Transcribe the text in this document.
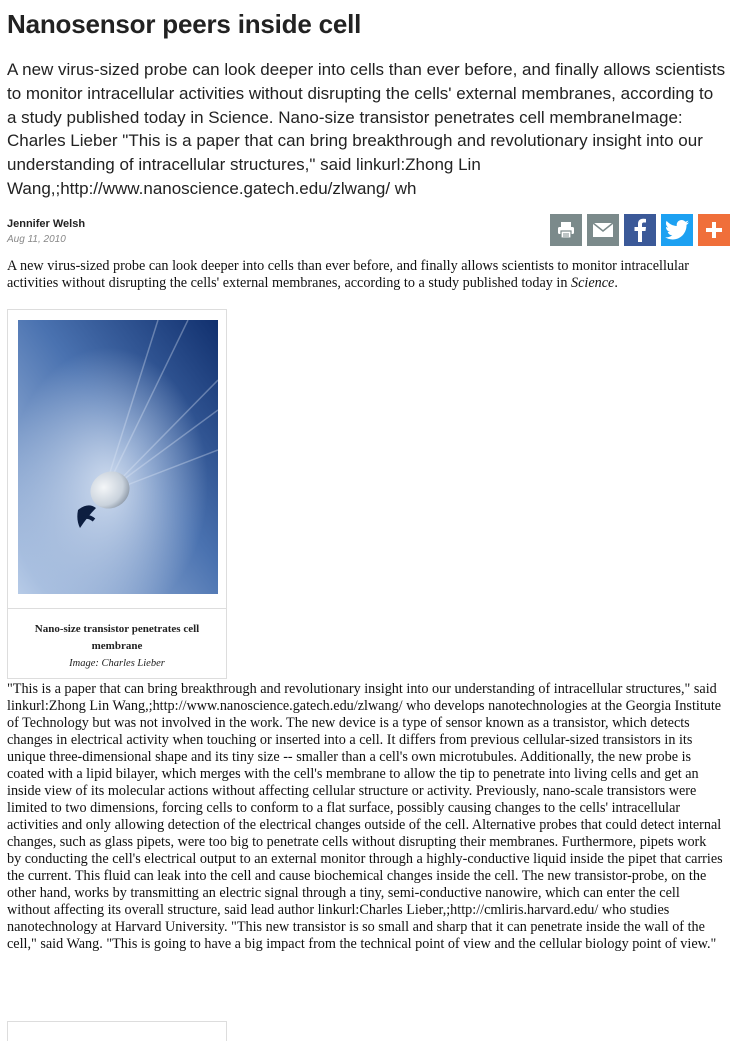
Nanosensor peers inside cell
A new virus-sized probe can look deeper into cells than ever before, and finally allows scientists to monitor intracellular activities without disrupting the cells' external membranes, according to a study published today in Science. Nano-size transistor penetrates cell membraneImage: Charles Lieber "This is a paper that can bring breakthrough and revolutionary insight into our understanding of intracellular structures," said linkurl:Zhong Lin Wang,;http://www.nanoscience.gatech.edu/zlwang/ wh
Jennifer Welsh
Aug 11, 2010
A new virus-sized probe can look deeper into cells than ever before, and finally allows scientists to monitor intracellular activities without disrupting the cells' external membranes, according to a study published today in Science.
Nano-size transistor penetrates cell membrane
Image: Charles Lieber
"This is a paper that can bring breakthrough and revolutionary insight into our understanding of intracellular structures," said linkurl:Zhong Lin Wang,;http://www.nanoscience.gatech.edu/zlwang/ who develops nanotechnologies at the Georgia Institute of Technology but was not involved in the work. The new device is a type of sensor known as a transistor, which detects changes in electrical activity when touching or inserted into a cell. It differs from previous cellular-sized transistors in its unique three-dimensional shape and its tiny size -- smaller than a cell's own microtubules. Additionally, the new probe is coated with a lipid bilayer, which merges with the cell's membrane to allow the tip to penetrate into living cells and get an inside view of its molecular actions without affecting cellular structure or activity. Previously, nano-scale transistors were limited to two dimensions, forcing cells to conform to a flat surface, possibly causing changes to the cells' intracellular activities and only allowing detection of the electrical changes outside of the cell. Alternative probes that could detect internal changes, such as glass pipets, were too big to penetrate cells without disrupting their membranes. Furthermore, pipets work by conducting the cell's electrical output to an external monitor through a highly-conductive liquid inside the pipet that carries the current. This fluid can leak into the cell and cause biochemical changes inside the cell. The new transistor-probe, on the other hand, works by transmitting an electric signal through a tiny, semi-conductive nanowire, which can enter the cell without affecting its overall structure, said lead author linkurl:Charles Lieber,;http://cmliris.harvard.edu/ who studies nanotechnology at Harvard University. "This new transistor is so small and sharp that it can penetrate inside the wall of the cell," said Wang. "This is going to have a big impact from the technical point of view and the cellular biology point of view."
